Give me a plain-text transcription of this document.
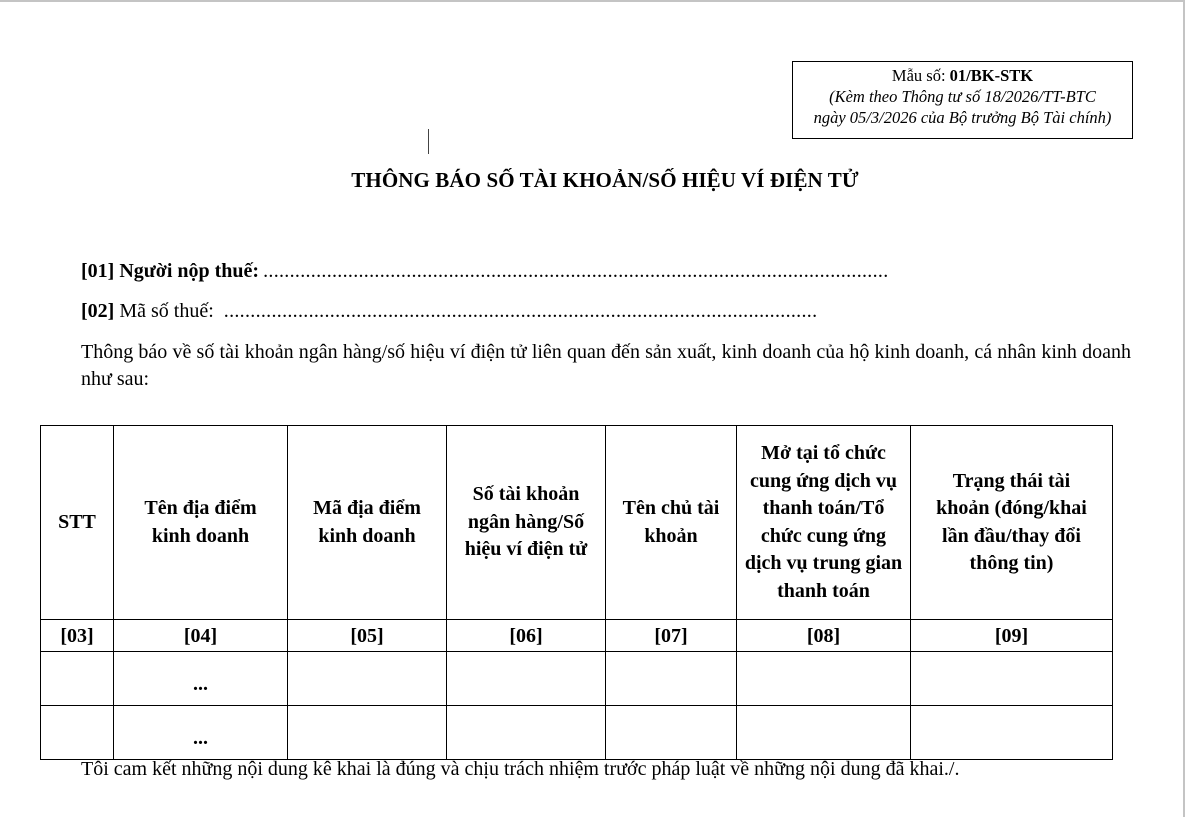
Mẫu số: 01/BK-STK
(Kèm theo Thông tư số 18/2026/TT-BTC
ngày 05/3/2026 của Bộ trưởng Bộ Tài chính)
THÔNG BÁO SỐ TÀI KHOẢN/SỐ HIỆU VÍ ĐIỆN TỬ
[01] Người nộp thuế: ......................................................................................................................
[02] Mã số thuế: ................................................................................................................
Thông báo về số tài khoản ngân hàng/số hiệu ví điện tử liên quan đến sản xuất, kinh doanh của hộ kinh doanh, cá nhân kinh doanh như sau:
STT	Tên địa điểm kinh doanh	Mã địa điểm kinh doanh	Số tài khoản ngân hàng/Số hiệu ví điện tử	Tên chủ tài khoản	Mở tại tổ chức cung ứng dịch vụ thanh toán/Tổ chức cung ứng dịch vụ trung gian thanh toán	Trạng thái tài khoản (đóng/khai lần đầu/thay đổi thông tin)
[03]	[04]	[05]	[06]	[07]	[08]	[09]
	...					
	...					
Tôi cam kết những nội dung kê khai là đúng và chịu trách nhiệm trước pháp luật về những nội dung đã khai./.
